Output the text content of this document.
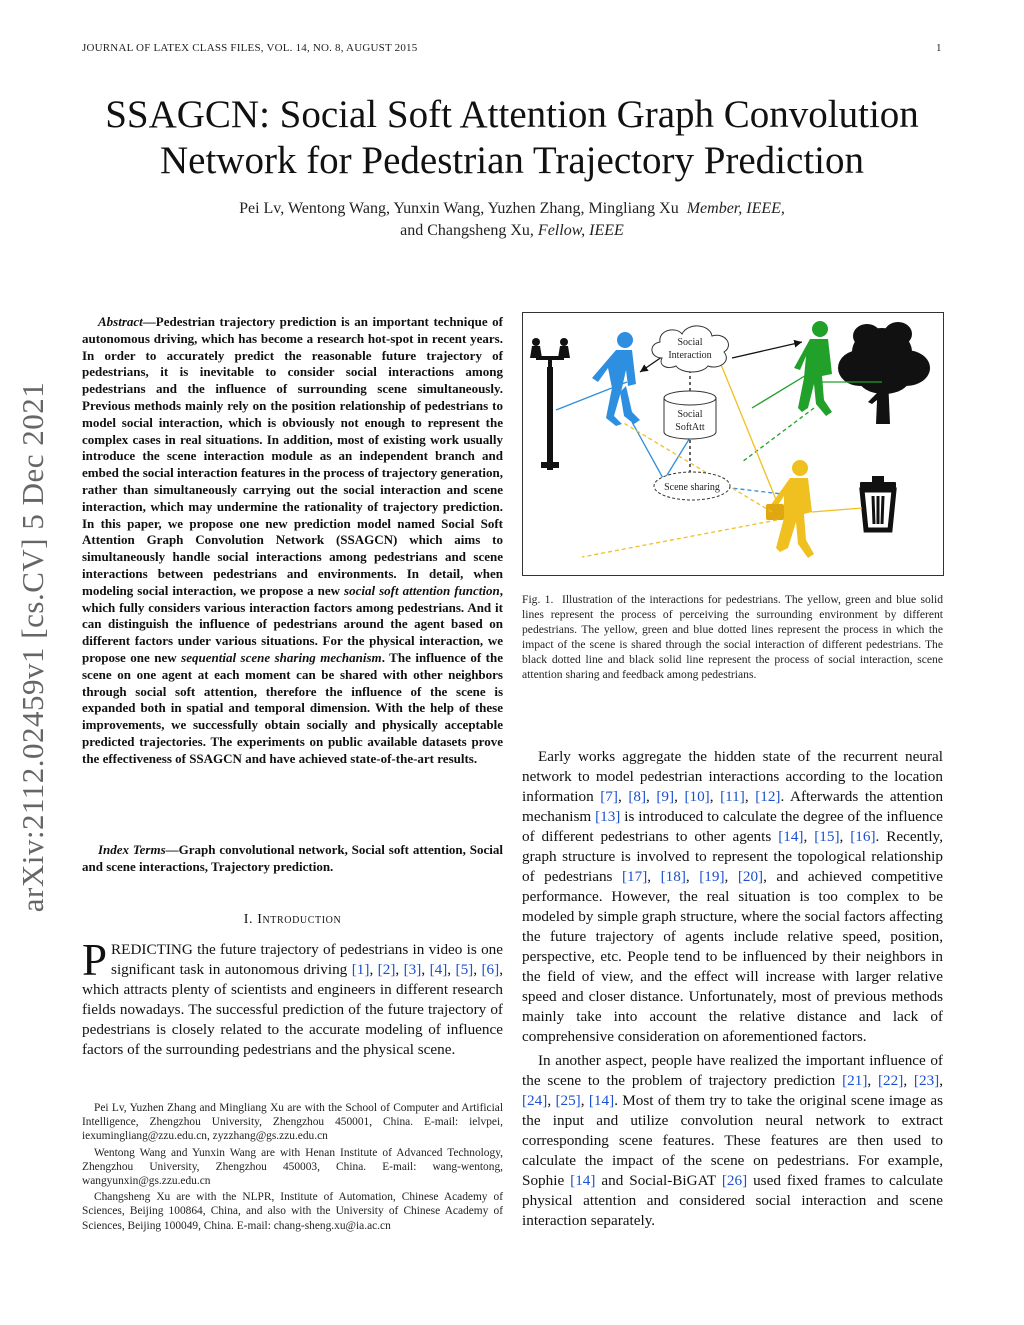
JOURNAL OF LATEX CLASS FILES, VOL. 14, NO. 8, AUGUST 2015	1
SSAGCN: Social Soft Attention Graph Convolution
Network for Pedestrian Trajectory Prediction
Pei Lv, Wentong Wang, Yunxin Wang, Yuzhen Zhang, Mingliang Xu Member, IEEE,
and Changsheng Xu, Fellow, IEEE
arXiv:2112.02459v1 [cs.CV] 5 Dec 2021
Abstract—Pedestrian trajectory prediction is an important technique of autonomous driving, which has become a research hot-spot in recent years. In order to accurately predict the reasonable future trajectory of pedestrians, it is inevitable to consider social interactions among pedestrians and the influence of surrounding scene simultaneously. Previous methods mainly rely on the position relationship of pedestrians to model social interaction, which is obviously not enough to represent the complex cases in real situations. In addition, most of existing work usually introduce the scene interaction module as an independent branch and embed the social interaction features in the process of trajectory generation, rather than simultaneously carrying out the social interaction and scene interaction, which may undermine the rationality of trajectory prediction. In this paper, we propose one new prediction model named Social Soft Attention Graph Convolution Network (SSAGCN) which aims to simultaneously handle social interactions among pedestrians and scene interactions between pedestrians and environments. In detail, when modeling social interaction, we propose a new social soft attention function, which fully considers various interaction factors among pedestrians. And it can distinguish the influence of pedestrians around the agent based on different factors under various situations. For the physical interaction, we propose one new sequential scene sharing mechanism. The influence of the scene on one agent at each moment can be shared with other neighbors through social soft attention, therefore the influence of the scene is expanded both in spatial and temporal dimension. With the help of these improvements, we successfully obtain socially and physically acceptable predicted trajectories. The experiments on public available datasets prove the effectiveness of SSAGCN and have achieved state-of-the-art results.
Index Terms—Graph convolutional network, Social soft attention, Social and scene interactions, Trajectory prediction.
I. Introduction
PREDICTING the future trajectory of pedestrians in video is one significant task in autonomous driving [1], [2], [3], [4], [5], [6], which attracts plenty of scientists and engineers in different research fields nowadays. The successful prediction of the future trajectory of pedestrians is closely related to the accurate modeling of influence factors of the surrounding pedestrians and the physical scene.

Pei Lv, Yuzhen Zhang and Mingliang Xu are with the School of Computer and Artificial Intelligence, Zhengzhou University, Zhengzhou 450001, China. E-mail: ielvpei, iexumingliang@zzu.edu.cn, zyzzhang@gs.zzu.edu.cn

Wentong Wang and Yunxin Wang are with Henan Institute of Advanced Technology, Zhengzhou University, Zhengzhou 450003, China. E-mail: wang-wentong, wangyunxin@gs.zzu.edu.cn

Changsheng Xu are with the NLPR, Institute of Automation, Chinese Academy of Sciences, Beijing 100864, China, and also with the University of Chinese Academy of Sciences, Beijing 100049, China. E-mail: chang-sheng.xu@ia.ac.cn

Social
Interaction
Social
SoftAtt
Scene sharing
Fig. 1. Illustration of the interactions for pedestrians. The yellow, green and blue solid lines represent the process of perceiving the surrounding environment by different pedestrians. The yellow, green and blue dotted lines represent the process in which the impact of the scene is shared through the social interaction of different pedestrians. The black dotted line and black solid line represent the process of social interaction, scene attention sharing and feedback among pedestrians.

Early works aggregate the hidden state of the recurrent neural network to model pedestrian interactions according to the location information [7], [8], [9], [10], [11], [12]. Afterwards the attention mechanism [13] is introduced to calculate the degree of the influence of different pedestrians to other agents [14], [15], [16]. Recently, graph structure is involved to represent the topological relationship of pedestrians [17], [18], [19], [20], and achieved competitive performance. However, the real situation is too complex to be modeled by simple graph structure, where the social factors affecting the future trajectory of agents include relative speed, position, perspective, etc. People tend to be influenced by their neighbors in the field of view, and the effect will increase with larger relative speed and closer distance. Unfortunately, most of previous methods mainly take into account the relative distance and lack of comprehensive consideration on aforementioned factors.

In another aspect, people have realized the important influence of the scene to the problem of trajectory prediction [21], [22], [23], [24], [25], [14]. Most of them try to take the original scene image as the input and utilize convolution neural network to extract corresponding scene features. These features are then used to calculate the impact of the scene on pedestrians. For example, Sophie [14] and Social-BiGAT [26] used fixed frames to calculate physical attention and considered social interaction and scene interaction separately.
